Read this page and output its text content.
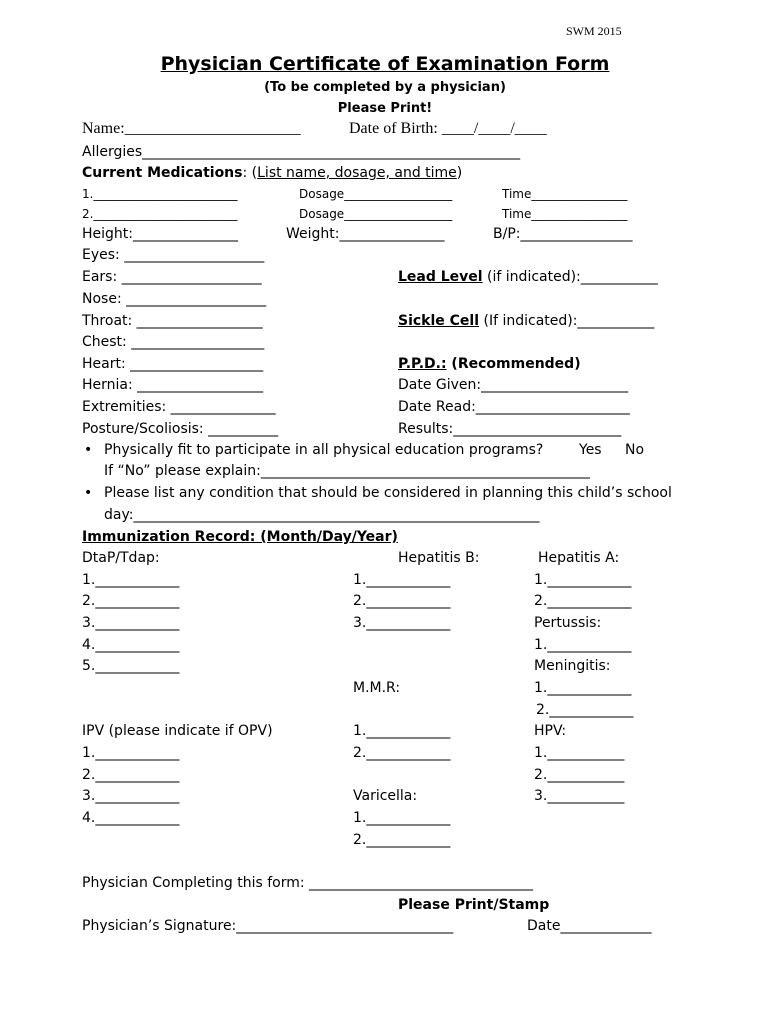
SWM 2015
Physician Certificate of Examination Form
(To be completed by a physician)
Please Print!
Name:______________________	Date of Birth: ____/____/____
Allergies______________________________________________________
Current Medications: (List name, dosage, and time)
1.________________________	Dosage__________________	Time________________
2.________________________	Dosage__________________	Time________________
Height:_______________	Weight:_______________	B/P:________________
Eyes: ____________________
Ears: ____________________
Nose: ____________________
Throat: __________________
Chest: ___________________
Heart: ___________________
Hernia: __________________
Extremities: _______________
Posture/Scoliosis: __________
Lead Level (if indicated):___________
Sickle Cell (If indicated):___________
P.P.D.: (Recommended)
Date Given:_____________________
Date Read:______________________
Results:________________________
• Physically fit to participate in all physical education programs?	Yes No
If “No” please explain:_______________________________________________
• Please list any condition that should be considered in planning this child’s school
day:__________________________________________________________
Immunization Record: (Month/Day/Year)
DtaP/Tdap:
1.____________
2.____________
3.____________
4.____________
5.____________
Hepatitis B:
1.____________
2.____________
3.____________
Hepatitis A:
1.____________
2.____________
Pertussis:
1.____________
Meningitis:
1.____________
2.____________
M.M.R:
1.____________
2.____________
IPV (please indicate if OPV)
1.____________
2.____________
3.____________
4.____________
HPV:
1.___________
2.___________
3.___________
Varicella:
1.____________
2.____________
Physician Completing this form: ________________________________
Please Print/Stamp
Physician’s Signature:_______________________________	Date_____________
